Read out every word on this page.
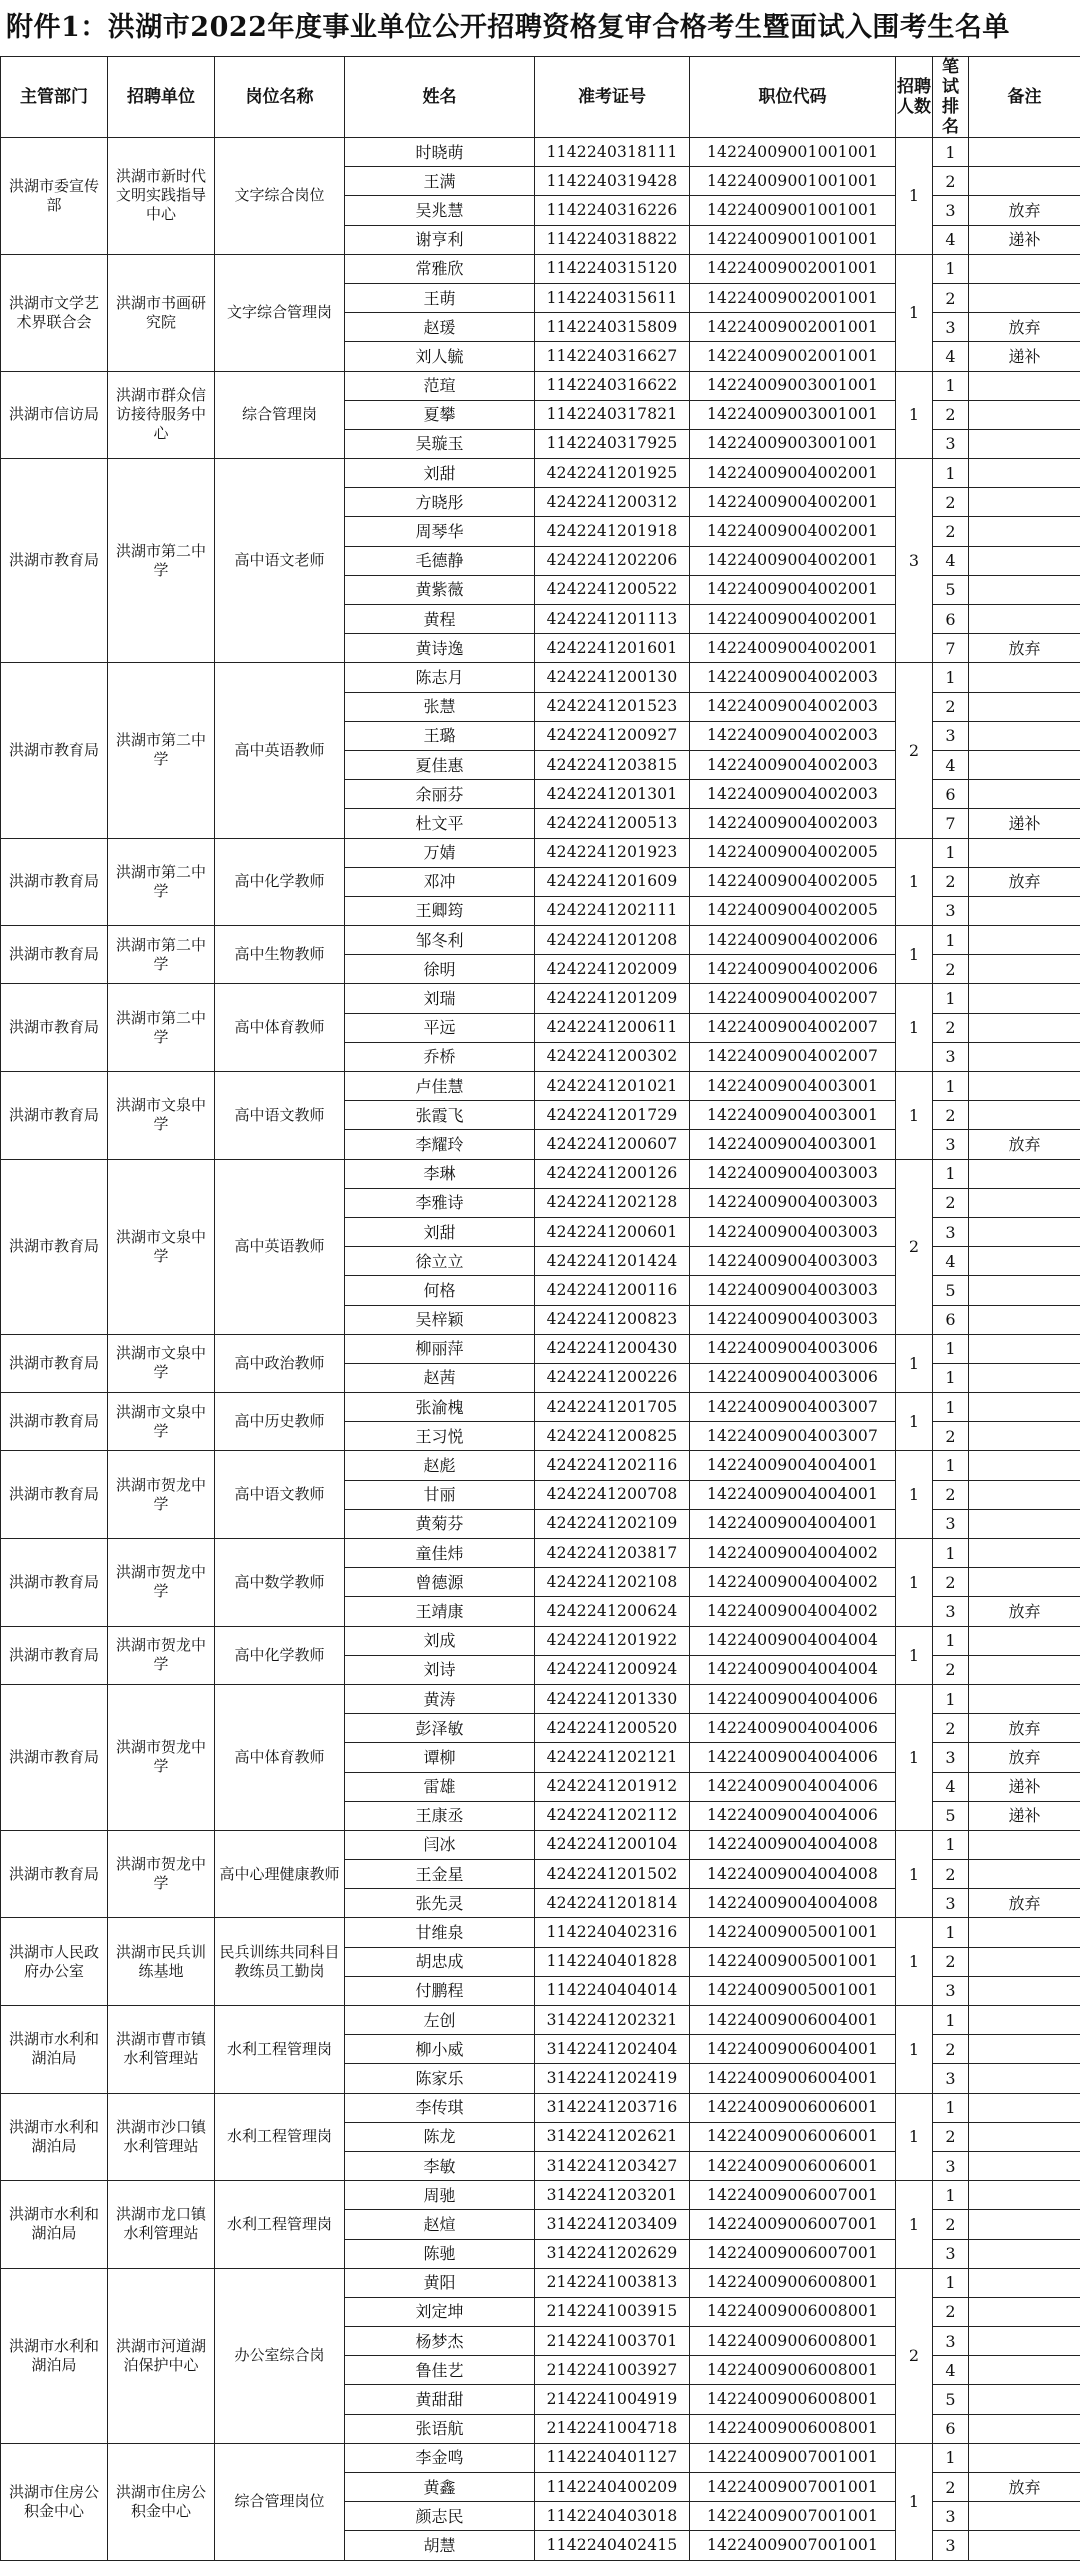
附件1：洪湖市2022年度事业单位公开招聘资格复审合格考生暨面试入围考生名单
主管部门	招聘单位	岗位名称	姓名	准考证号	职位代码	招聘人数	笔试排名	备注
洪湖市委宣传部	洪湖市新时代文明实践指导中心	文字综合岗位	时晓萌	1142240318111	14224009001001001	1	1	
			王满	1142240319428	14224009001001001		2	
			吴兆慧	1142240316226	14224009001001001		3	放弃
			谢亨利	1142240318822	14224009001001001		4	递补
洪湖市文学艺术界联合会	洪湖市书画研究院	文字综合管理岗	常雅欣	1142240315120	14224009002001001	1	1	
			王萌	1142240315611	14224009002001001		2	
			赵瑗	1142240315809	14224009002001001		3	放弃
			刘人毓	1142240316627	14224009002001001		4	递补
洪湖市信访局	洪湖市群众信访接待服务中心	综合管理岗	范瑄	1142240316622	14224009003001001	1	1	
			夏攀	1142240317821	14224009003001001		2	
			吴璇玉	1142240317925	14224009003001001		3	
洪湖市教育局	洪湖市第二中学	高中语文老师	刘甜	4242241201925	14224009004002001	3	1	
			方晓彤	4242241200312	14224009004002001		2	
			周琴华	4242241201918	14224009004002001		2	
			毛德静	4242241202206	14224009004002001		4	
			黄紫薇	4242241200522	14224009004002001		5	
			黄程	4242241201113	14224009004002001		6	
			黄诗逸	4242241201601	14224009004002001		7	放弃
洪湖市教育局	洪湖市第二中学	高中英语教师	陈志月	4242241200130	14224009004002003	2	1	
			张慧	4242241201523	14224009004002003		2	
			王璐	4242241200927	14224009004002003		3	
			夏佳惠	4242241203815	14224009004002003		4	
			余丽芬	4242241201301	14224009004002003		6	
			杜文平	4242241200513	14224009004002003		7	递补
洪湖市教育局	洪湖市第二中学	高中化学教师	万婧	4242241201923	14224009004002005	1	1	
			邓冲	4242241201609	14224009004002005		2	放弃
			王卿筠	4242241202111	14224009004002005		3	
洪湖市教育局	洪湖市第二中学	高中生物教师	邹冬利	4242241201208	14224009004002006	1	1	
			徐明	4242241202009	14224009004002006		2	
洪湖市教育局	洪湖市第二中学	高中体育教师	刘瑞	4242241201209	14224009004002007	1	1	
			平远	4242241200611	14224009004002007		2	
			乔桥	4242241200302	14224009004002007		3	
洪湖市教育局	洪湖市文泉中学	高中语文教师	卢佳慧	4242241201021	14224009004003001	1	1	
			张霞飞	4242241201729	14224009004003001		2	
			李耀玲	4242241200607	14224009004003001		3	放弃
洪湖市教育局	洪湖市文泉中学	高中英语教师	李琳	4242241200126	14224009004003003	2	1	
			李雅诗	4242241202128	14224009004003003		2	
			刘甜	4242241200601	14224009004003003		3	
			徐立立	4242241201424	14224009004003003		4	
			何格	4242241200116	14224009004003003		5	
			吴梓颖	4242241200823	14224009004003003		6	
洪湖市教育局	洪湖市文泉中学	高中政治教师	柳丽萍	4242241200430	14224009004003006	1	1	
			赵茜	4242241200226	14224009004003006		1	
洪湖市教育局	洪湖市文泉中学	高中历史教师	张渝槐	4242241201705	14224009004003007	1	1	
			王习悦	4242241200825	14224009004003007		2	
洪湖市教育局	洪湖市贺龙中学	高中语文教师	赵彪	4242241202116	14224009004004001	1	1	
			甘丽	4242241200708	14224009004004001		2	
			黄菊芬	4242241202109	14224009004004001		3	
洪湖市教育局	洪湖市贺龙中学	高中数学教师	童佳炜	4242241203817	14224009004004002	1	1	
			曾德源	4242241202108	14224009004004002		2	
			王靖康	4242241200624	14224009004004002		3	放弃
洪湖市教育局	洪湖市贺龙中学	高中化学教师	刘成	4242241201922	14224009004004004	1	1	
			刘诗	4242241200924	14224009004004004		2	
洪湖市教育局	洪湖市贺龙中学	高中体育教师	黄涛	4242241201330	14224009004004006	1	1	
			彭泽敏	4242241200520	14224009004004006		2	放弃
			谭柳	4242241202121	14224009004004006		3	放弃
			雷雄	4242241201912	14224009004004006		4	递补
			王康丞	4242241202112	14224009004004006		5	递补
洪湖市教育局	洪湖市贺龙中学	高中心理健康教师	闫冰	4242241200104	14224009004004008	1	1	
			王金星	4242241201502	14224009004004008		2	
			张先灵	4242241201814	14224009004004008		3	放弃
洪湖市人民政府办公室	洪湖市民兵训练基地	民兵训练共同科目教练员工勤岗	甘维泉	1142240402316	14224009005001001	1	1	
			胡忠成	1142240401828	14224009005001001		2	
			付鹏程	1142240404014	14224009005001001		3	
洪湖市水利和湖泊局	洪湖市曹市镇水利管理站	水利工程管理岗	左创	3142241202321	14224009006004001	1	1	
			柳小威	3142241202404	14224009006004001		2	
			陈家乐	3142241202419	14224009006004001		3	
洪湖市水利和湖泊局	洪湖市沙口镇水利管理站	水利工程管理岗	李传琪	3142241203716	14224009006006001	1	1	
			陈龙	3142241202621	14224009006006001		2	
			李敏	3142241203427	14224009006006001		3	
洪湖市水利和湖泊局	洪湖市龙口镇水利管理站	水利工程管理岗	周驰	3142241203201	14224009006007001	1	1	
			赵煊	3142241203409	14224009006007001		2	
			陈驰	3142241202629	14224009006007001		3	
洪湖市水利和湖泊局	洪湖市河道湖泊保护中心	办公室综合岗	黄阳	2142241003813	14224009006008001	2	1	
			刘定坤	2142241003915	14224009006008001		2	
			杨梦杰	2142241003701	14224009006008001		3	
			鲁佳艺	2142241003927	14224009006008001		4	
			黄甜甜	2142241004919	14224009006008001		5	
			张语航	2142241004718	14224009006008001		6	
洪湖市住房公积金中心	洪湖市住房公积金中心	综合管理岗位	李金鸣	1142240401127	14224009007001001	1	1	
			黄鑫	1142240400209	14224009007001001		2	放弃
			颜志民	1142240403018	14224009007001001		3	
			胡慧	1142240402415	14224009007001001		3	
